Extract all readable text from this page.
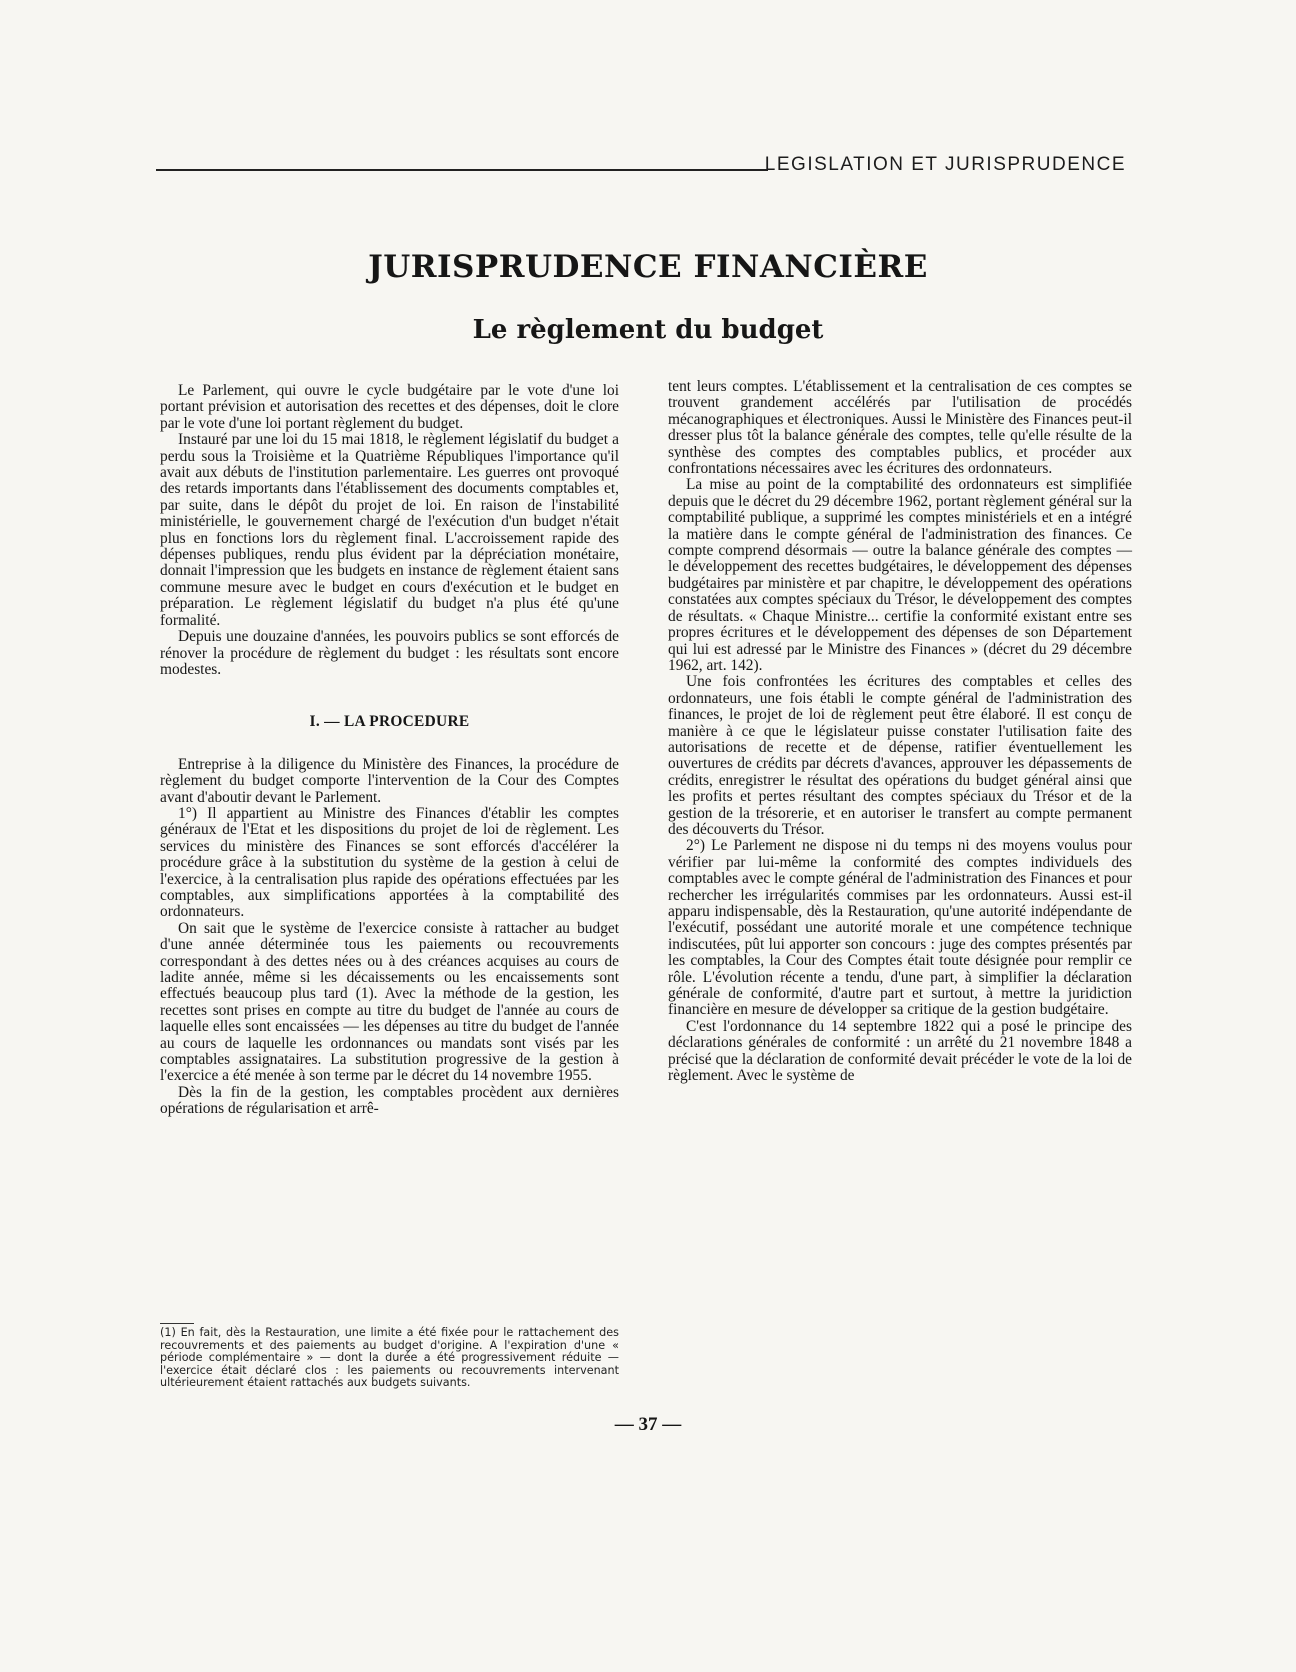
LEGISLATION ET JURISPRUDENCE
JURISPRUDENCE FINANCIÈRE
Le règlement du budget

Le Parlement, qui ouvre le cycle budgétaire par le vote d'une loi portant prévision et autorisation des recettes et des dépenses, doit le clore par le vote d'une loi portant règlement du budget.

Instauré par une loi du 15 mai 1818, le règlement législatif du budget a perdu sous la Troisième et la Quatrième Républiques l'importance qu'il avait aux débuts de l'institution parlementaire. Les guerres ont provoqué des retards importants dans l'établissement des documents comptables et, par suite, dans le dépôt du projet de loi. En raison de l'instabilité ministérielle, le gouvernement chargé de l'exécution d'un budget n'était plus en fonctions lors du règlement final. L'accroissement rapide des dépenses publiques, rendu plus évident par la dépréciation monétaire, donnait l'impression que les budgets en instance de règlement étaient sans commune mesure avec le budget en cours d'exécution et le budget en préparation. Le règlement législatif du budget n'a plus été qu'une formalité.

Depuis une douzaine d'années, les pouvoirs publics se sont efforcés de rénover la procédure de règlement du budget : les résultats sont encore modestes.

I. — LA PROCEDURE

Entreprise à la diligence du Ministère des Finances, la procédure de règlement du budget comporte l'intervention de la Cour des Comptes avant d'aboutir devant le Parlement.

1°) Il appartient au Ministre des Finances d'établir les comptes généraux de l'Etat et les dispositions du projet de loi de règlement. Les services du ministère des Finances se sont efforcés d'accélérer la procédure grâce à la substitution du système de la gestion à celui de l'exercice, à la centralisation plus rapide des opérations effectuées par les comptables, aux simplifications apportées à la comptabilité des ordonnateurs.

On sait que le système de l'exercice consiste à rattacher au budget d'une année déterminée tous les paiements ou recouvrements correspondant à des dettes nées ou à des créances acquises au cours de ladite année, même si les décaissements ou les encaissements sont effectués beaucoup plus tard (1). Avec la méthode de la gestion, les recettes sont prises en compte au titre du budget de l'année au cours de laquelle elles sont encaissées — les dépenses au titre du budget de l'année au cours de laquelle les ordonnances ou mandats sont visés par les comptables assignataires. La substitution progressive de la gestion à l'exercice a été menée à son terme par le décret du 14 novembre 1955.

Dès la fin de la gestion, les comptables procèdent aux dernières opérations de régularisation et arrê-

(1) En fait, dès la Restauration, une limite a été fixée pour le rattachement des recouvrements et des paiements au budget d'origine. A l'expiration d'une « période complémentaire » — dont la durée a été progressivement réduite — l'exercice était déclaré clos : les paiements ou recouvrements intervenant ultérieurement étaient rattachés aux budgets suivants.

tent leurs comptes. L'établissement et la centralisation de ces comptes se trouvent grandement accélérés par l'utilisation de procédés mécanographiques et électroniques. Aussi le Ministère des Finances peut-il dresser plus tôt la balance générale des comptes, telle qu'elle résulte de la synthèse des comptes des comptables publics, et procéder aux confrontations nécessaires avec les écritures des ordonnateurs.

La mise au point de la comptabilité des ordonnateurs est simplifiée depuis que le décret du 29 décembre 1962, portant règlement général sur la comptabilité publique, a supprimé les comptes ministériels et en a intégré la matière dans le compte général de l'administration des finances. Ce compte comprend désormais — outre la balance générale des comptes — le développement des recettes budgétaires, le développement des dépenses budgétaires par ministère et par chapitre, le développement des opérations constatées aux comptes spéciaux du Trésor, le développement des comptes de résultats. « Chaque Ministre... certifie la conformité existant entre ses propres écritures et le développement des dépenses de son Département qui lui est adressé par le Ministre des Finances » (décret du 29 décembre 1962, art. 142).

Une fois confrontées les écritures des comptables et celles des ordonnateurs, une fois établi le compte général de l'administration des finances, le projet de loi de règlement peut être élaboré. Il est conçu de manière à ce que le législateur puisse constater l'utilisation faite des autorisations de recette et de dépense, ratifier éventuellement les ouvertures de crédits par décrets d'avances, approuver les dépassements de crédits, enregistrer le résultat des opérations du budget général ainsi que les profits et pertes résultant des comptes spéciaux du Trésor et de la gestion de la trésorerie, et en autoriser le transfert au compte permanent des découverts du Trésor.

2°) Le Parlement ne dispose ni du temps ni des moyens voulus pour vérifier par lui-même la conformité des comptes individuels des comptables avec le compte général de l'administration des Finances et pour rechercher les irrégularités commises par les ordonnateurs. Aussi est-il apparu indispensable, dès la Restauration, qu'une autorité indépendante de l'exécutif, possédant une autorité morale et une compétence technique indiscutées, pût lui apporter son concours : juge des comptes présentés par les comptables, la Cour des Comptes était toute désignée pour remplir ce rôle. L'évolution récente a tendu, d'une part, à simplifier la déclaration générale de conformité, d'autre part et surtout, à mettre la juridiction financière en mesure de développer sa critique de la gestion budgétaire.

C'est l'ordonnance du 14 septembre 1822 qui a posé le principe des déclarations générales de conformité : un arrêté du 21 novembre 1848 a précisé que la déclaration de conformité devait précéder le vote de la loi de règlement. Avec le système de

— 37 —
